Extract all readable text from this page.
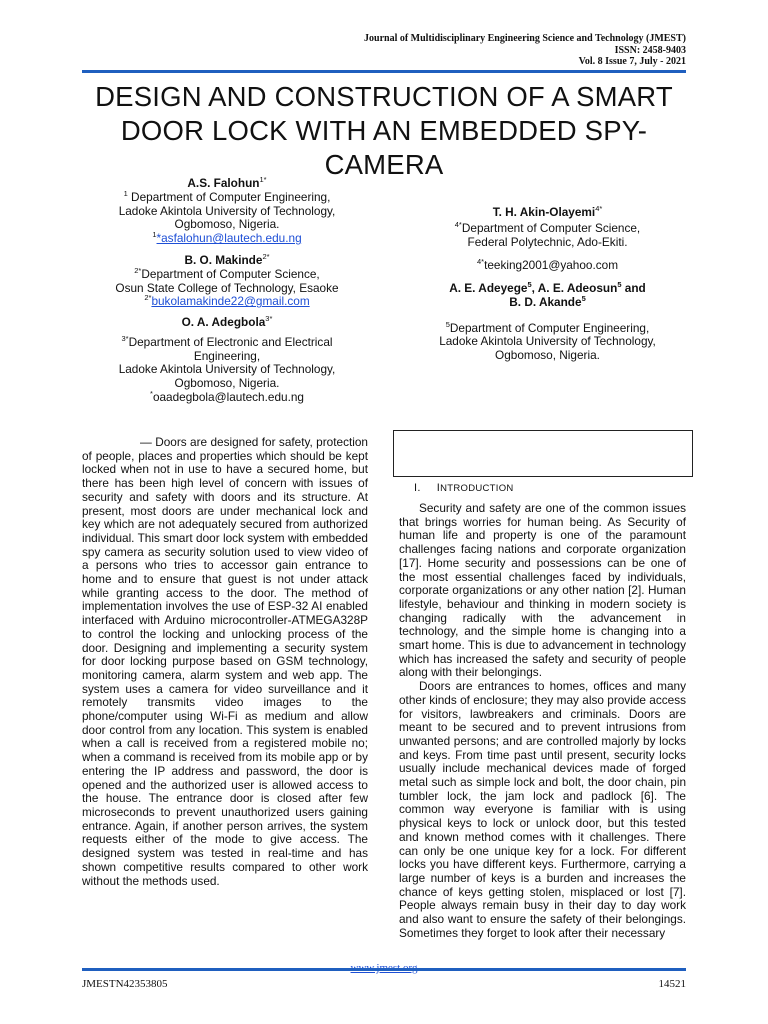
Journal of Multidisciplinary Engineering Science and Technology (JMEST)
ISSN: 2458-9403
Vol. 8 Issue 7, July - 2021
DESIGN AND CONSTRUCTION OF A SMART DOOR LOCK WITH AN EMBEDDED SPY-CAMERA
A.S. Falohun$^{1*}$
$^1$ Department of Computer Engineering,
Ladoke Akintola University of Technology,
Ogbomoso, Nigeria.
$^1$*asfalohun@lautech.edu.ng
B. O. Makinde$^{2*}$
$^{2*}$Department of Computer Science,
Osun State College of Technology, Esaoke
$^{2*}$bukolamakinde22@gmail.com
O. A. Adegbola$^{3*}$
$^{3*}$Department of Electronic and Electrical
Engineering,
Ladoke Akintola University of Technology,
Ogbomoso, Nigeria.
*oaadegbola@lautech.edu.ng
T. H. Akin-Olayemi$^{4*}$
$^{4*}$Department of Computer Science,
Federal Polytechnic, Ado-Ekiti.
$^{4*}$teeking2001@yahoo.com
A. E. Adeyege$^5$, A. E. Adeosun$^5$ and
B. D. Akande$^5$
$^5$Department of Computer Engineering,
Ladoke Akintola University of Technology,
Ogbomoso, Nigeria.
— Doors are designed for safety, protection of people, places and properties which should be kept locked when not in use to have a secured home, but there has been high level of concern with issues of security and safety with doors and its structure. At present, most doors are under mechanical lock and key which are not adequately secured from authorized individual. This smart door lock system with embedded spy camera as security solution used to view video of a persons who tries to accessor gain entrance to home and to ensure that guest is not under attack while granting access to the door. The method of implementation involves the use of ESP-32 AI enabled interfaced with Arduino microcontroller-ATMEGA328P to control the locking and unlocking process of the door. Designing and implementing a security system for door locking purpose based on GSM technology, monitoring camera, alarm system and web app. The system uses a camera for video surveillance and it remotely transmits video images to the phone/computer using Wi-Fi as medium and allow door control from any location. This system is enabled when a call is received from a registered mobile no; when a command is received from its mobile app or by entering the IP address and password, the door is opened and the authorized user is allowed access to the house. The entrance door is closed after few microseconds to prevent unauthorized users gaining entrance. Again, if another person arrives, the system requests either of the mode to give access. The designed system was tested in real-time and has shown competitive results compared to other work without the methods used.
I. INTRODUCTION

Security and safety are one of the common issues that brings worries for human being. As Security of human life and property is one of the paramount challenges facing nations and corporate organization [17]. Home security and possessions can be one of the most essential challenges faced by individuals, corporate organizations or any other nation [2]. Human lifestyle, behaviour and thinking in modern society is changing radically with the advancement in technology, and the simple home is changing into a smart home. This is due to advancement in technology which has increased the safety and security of people along with their belongings.

Doors are entrances to homes, offices and many other kinds of enclosure; they may also provide access for visitors, lawbreakers and criminals. Doors are meant to be secured and to prevent intrusions from unwanted persons; and are controlled majorly by locks and keys. From time past until present, security locks usually include mechanical devices made of forged metal such as simple lock and bolt, the door chain, pin tumbler lock, the jam lock and padlock [6]. The common way everyone is familiar with is using physical keys to lock or unlock door, but this tested and known method comes with it challenges. There can only be one unique key for a lock. For different locks you have different keys. Furthermore, carrying a large number of keys is a burden and increases the chance of keys getting stolen, misplaced or lost [7]. People always remain busy in their day to day work and also want to ensure the safety of their belongings. Sometimes they forget to look after their necessary

JMESTN42353805	14521
